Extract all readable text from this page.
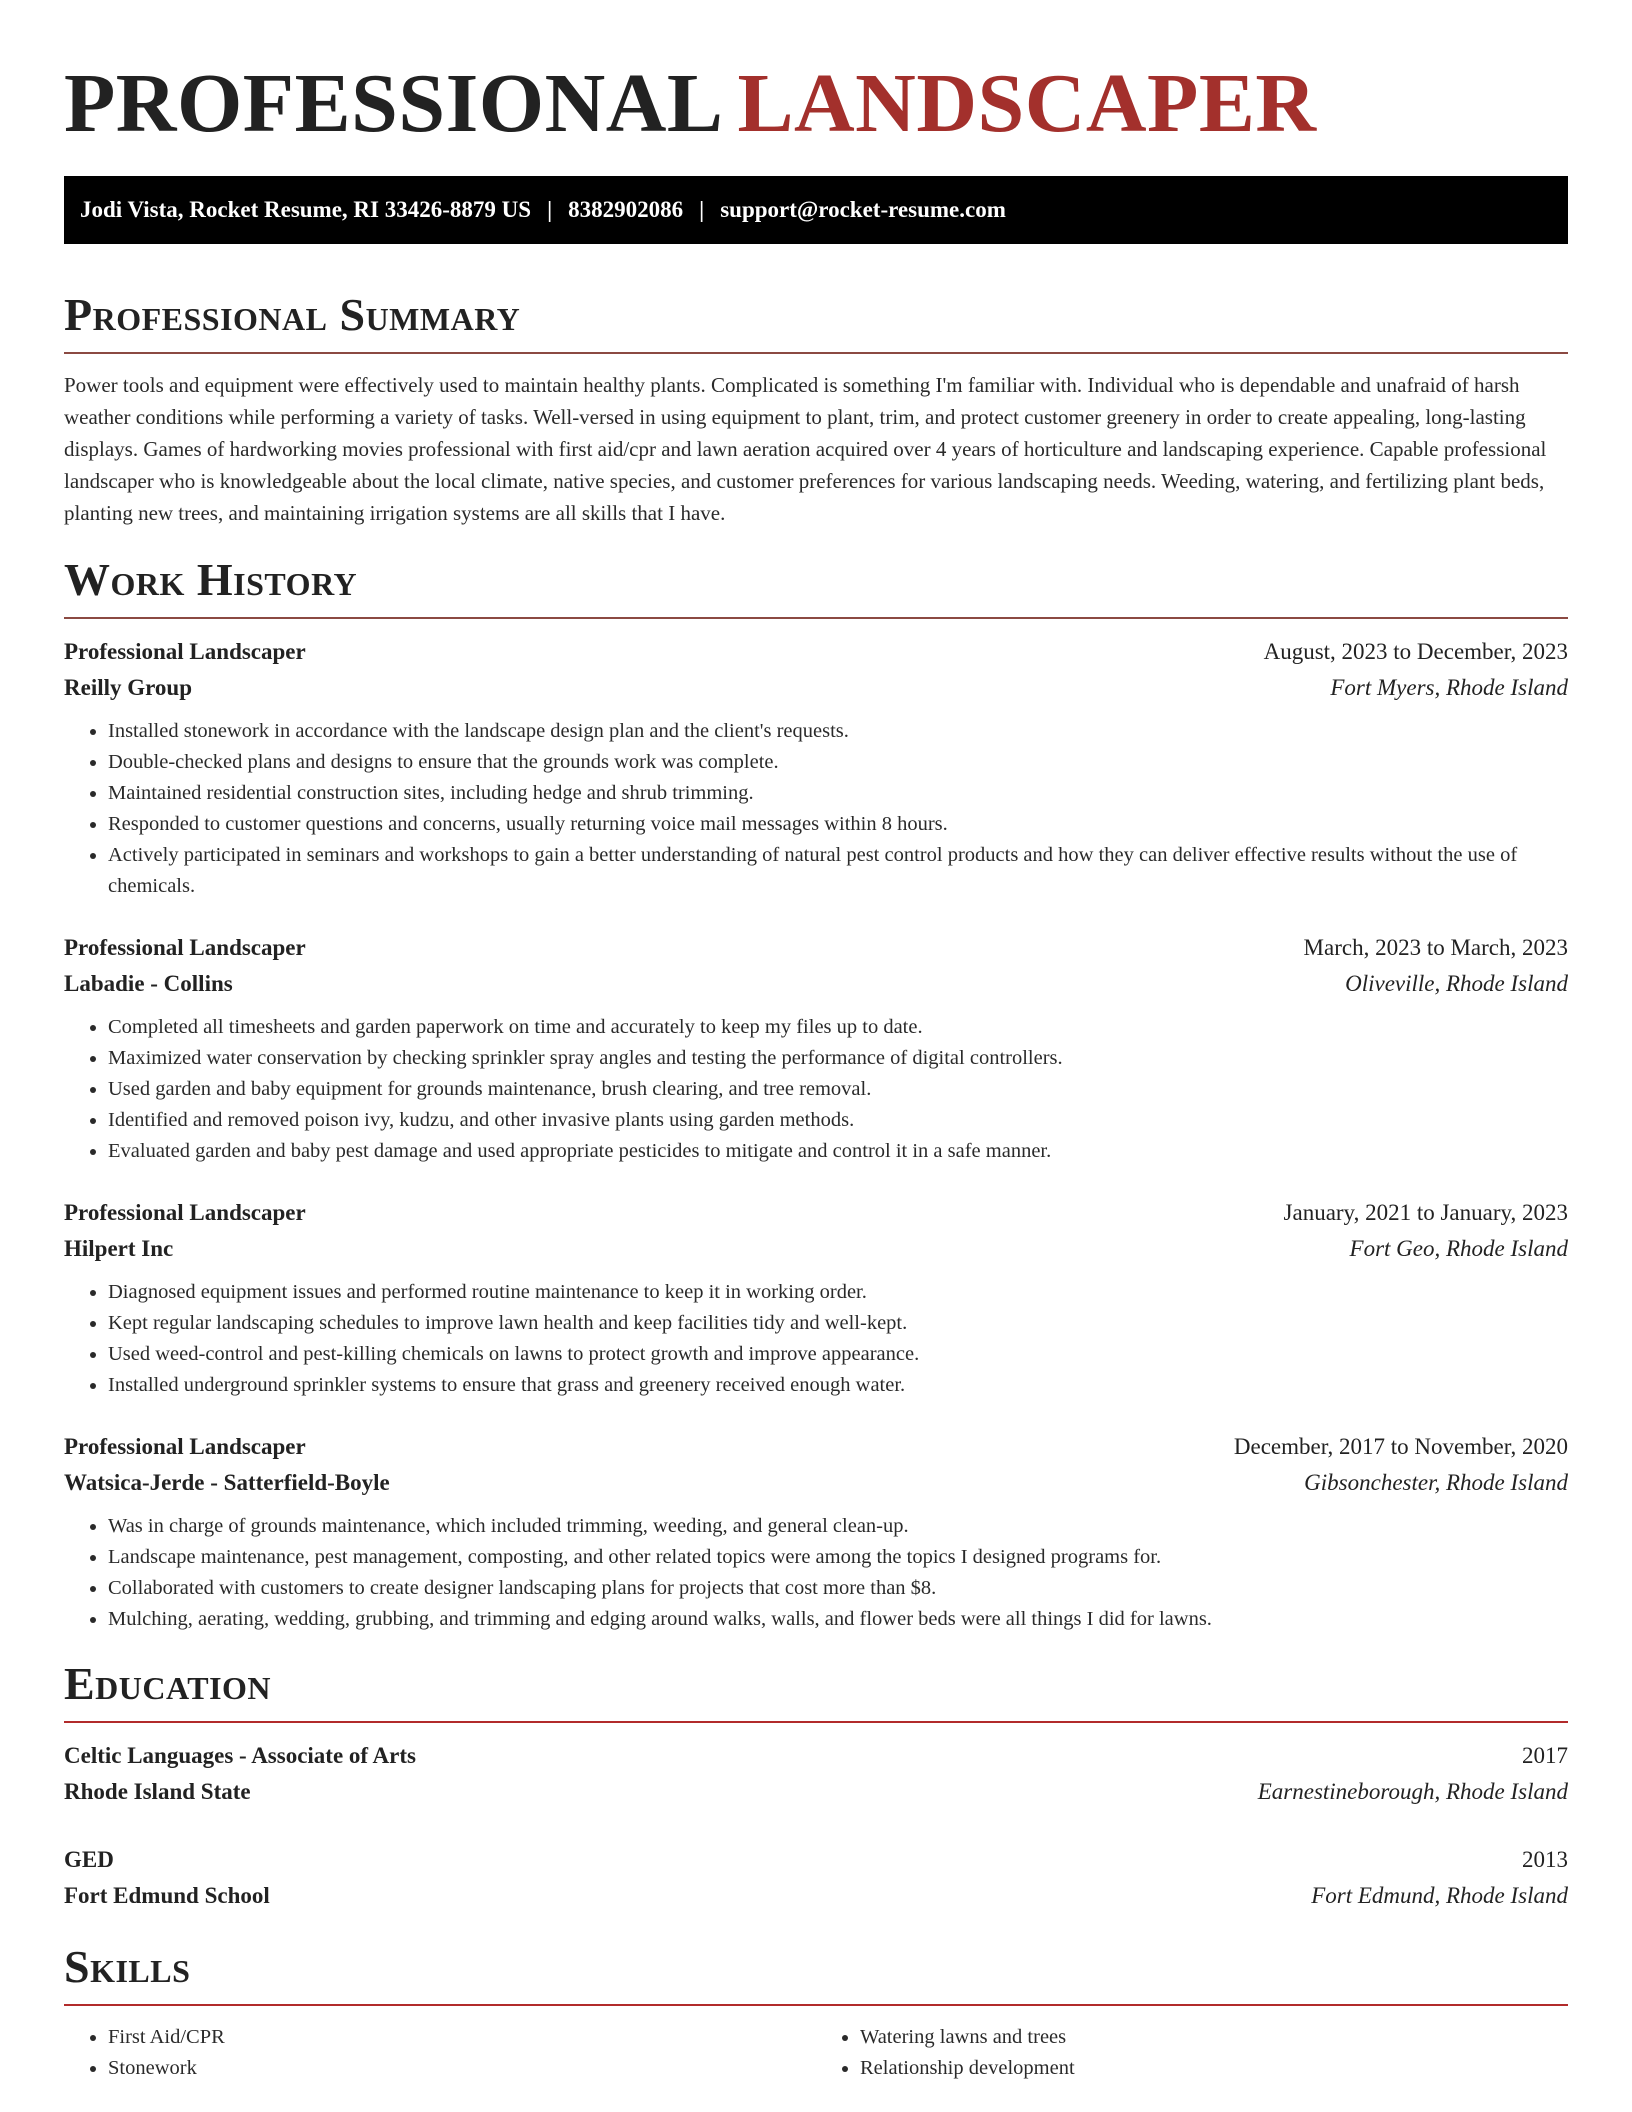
PROFESSIONAL LANDSCAPER
Jodi Vista, Rocket Resume, RI 33426-8879 US | 8382902086 | support@rocket-resume.com
Professional Summary

Power tools and equipment were effectively used to maintain healthy plants. Complicated is something I'm familiar with. Individual who is dependable and unafraid of harsh weather conditions while performing a variety of tasks. Well-versed in using equipment to plant, trim, and protect customer greenery in order to create appealing, long-lasting displays. Games of hardworking movies professional with first aid/cpr and lawn aeration acquired over 4 years of horticulture and landscaping experience. Capable professional landscaper who is knowledgeable about the local climate, native species, and customer preferences for various landscaping needs. Weeding, watering, and fertilizing plant beds, planting new trees, and maintaining irrigation systems are all skills that I have.

Work History
Professional Landscaper	August, 2023 to December, 2023
Reilly Group	Fort Myers, Rhode Island
• Installed stonework in accordance with the landscape design plan and the client's requests.
• Double-checked plans and designs to ensure that the grounds work was complete.
• Maintained residential construction sites, including hedge and shrub trimming.
• Responded to customer questions and concerns, usually returning voice mail messages within 8 hours.
• Actively participated in seminars and workshops to gain a better understanding of natural pest control products and how they can deliver effective results without the use of chemicals.
Professional Landscaper	March, 2023 to March, 2023
Labadie - Collins	Oliveville, Rhode Island
• Completed all timesheets and garden paperwork on time and accurately to keep my files up to date.
• Maximized water conservation by checking sprinkler spray angles and testing the performance of digital controllers.
• Used garden and baby equipment for grounds maintenance, brush clearing, and tree removal.
• Identified and removed poison ivy, kudzu, and other invasive plants using garden methods.
• Evaluated garden and baby pest damage and used appropriate pesticides to mitigate and control it in a safe manner.
Professional Landscaper	January, 2021 to January, 2023
Hilpert Inc	Fort Geo, Rhode Island
• Diagnosed equipment issues and performed routine maintenance to keep it in working order.
• Kept regular landscaping schedules to improve lawn health and keep facilities tidy and well-kept.
• Used weed-control and pest-killing chemicals on lawns to protect growth and improve appearance.
• Installed underground sprinkler systems to ensure that grass and greenery received enough water.
Professional Landscaper	December, 2017 to November, 2020
Watsica-Jerde - Satterfield-Boyle	Gibsonchester, Rhode Island
• Was in charge of grounds maintenance, which included trimming, weeding, and general clean-up.
• Landscape maintenance, pest management, composting, and other related topics were among the topics I designed programs for.
• Collaborated with customers to create designer landscaping plans for projects that cost more than $8.
• Mulching, aerating, wedding, grubbing, and trimming and edging around walks, walls, and flower beds were all things I did for lawns.
Education
Celtic Languages - Associate of Arts	2017
Rhode Island State	Earnestineborough, Rhode Island
GED	2013
Fort Edmund School	Fort Edmund, Rhode Island
Skills
• First Aid/CPR
• Stonework
• Watering lawns and trees
• Relationship development
